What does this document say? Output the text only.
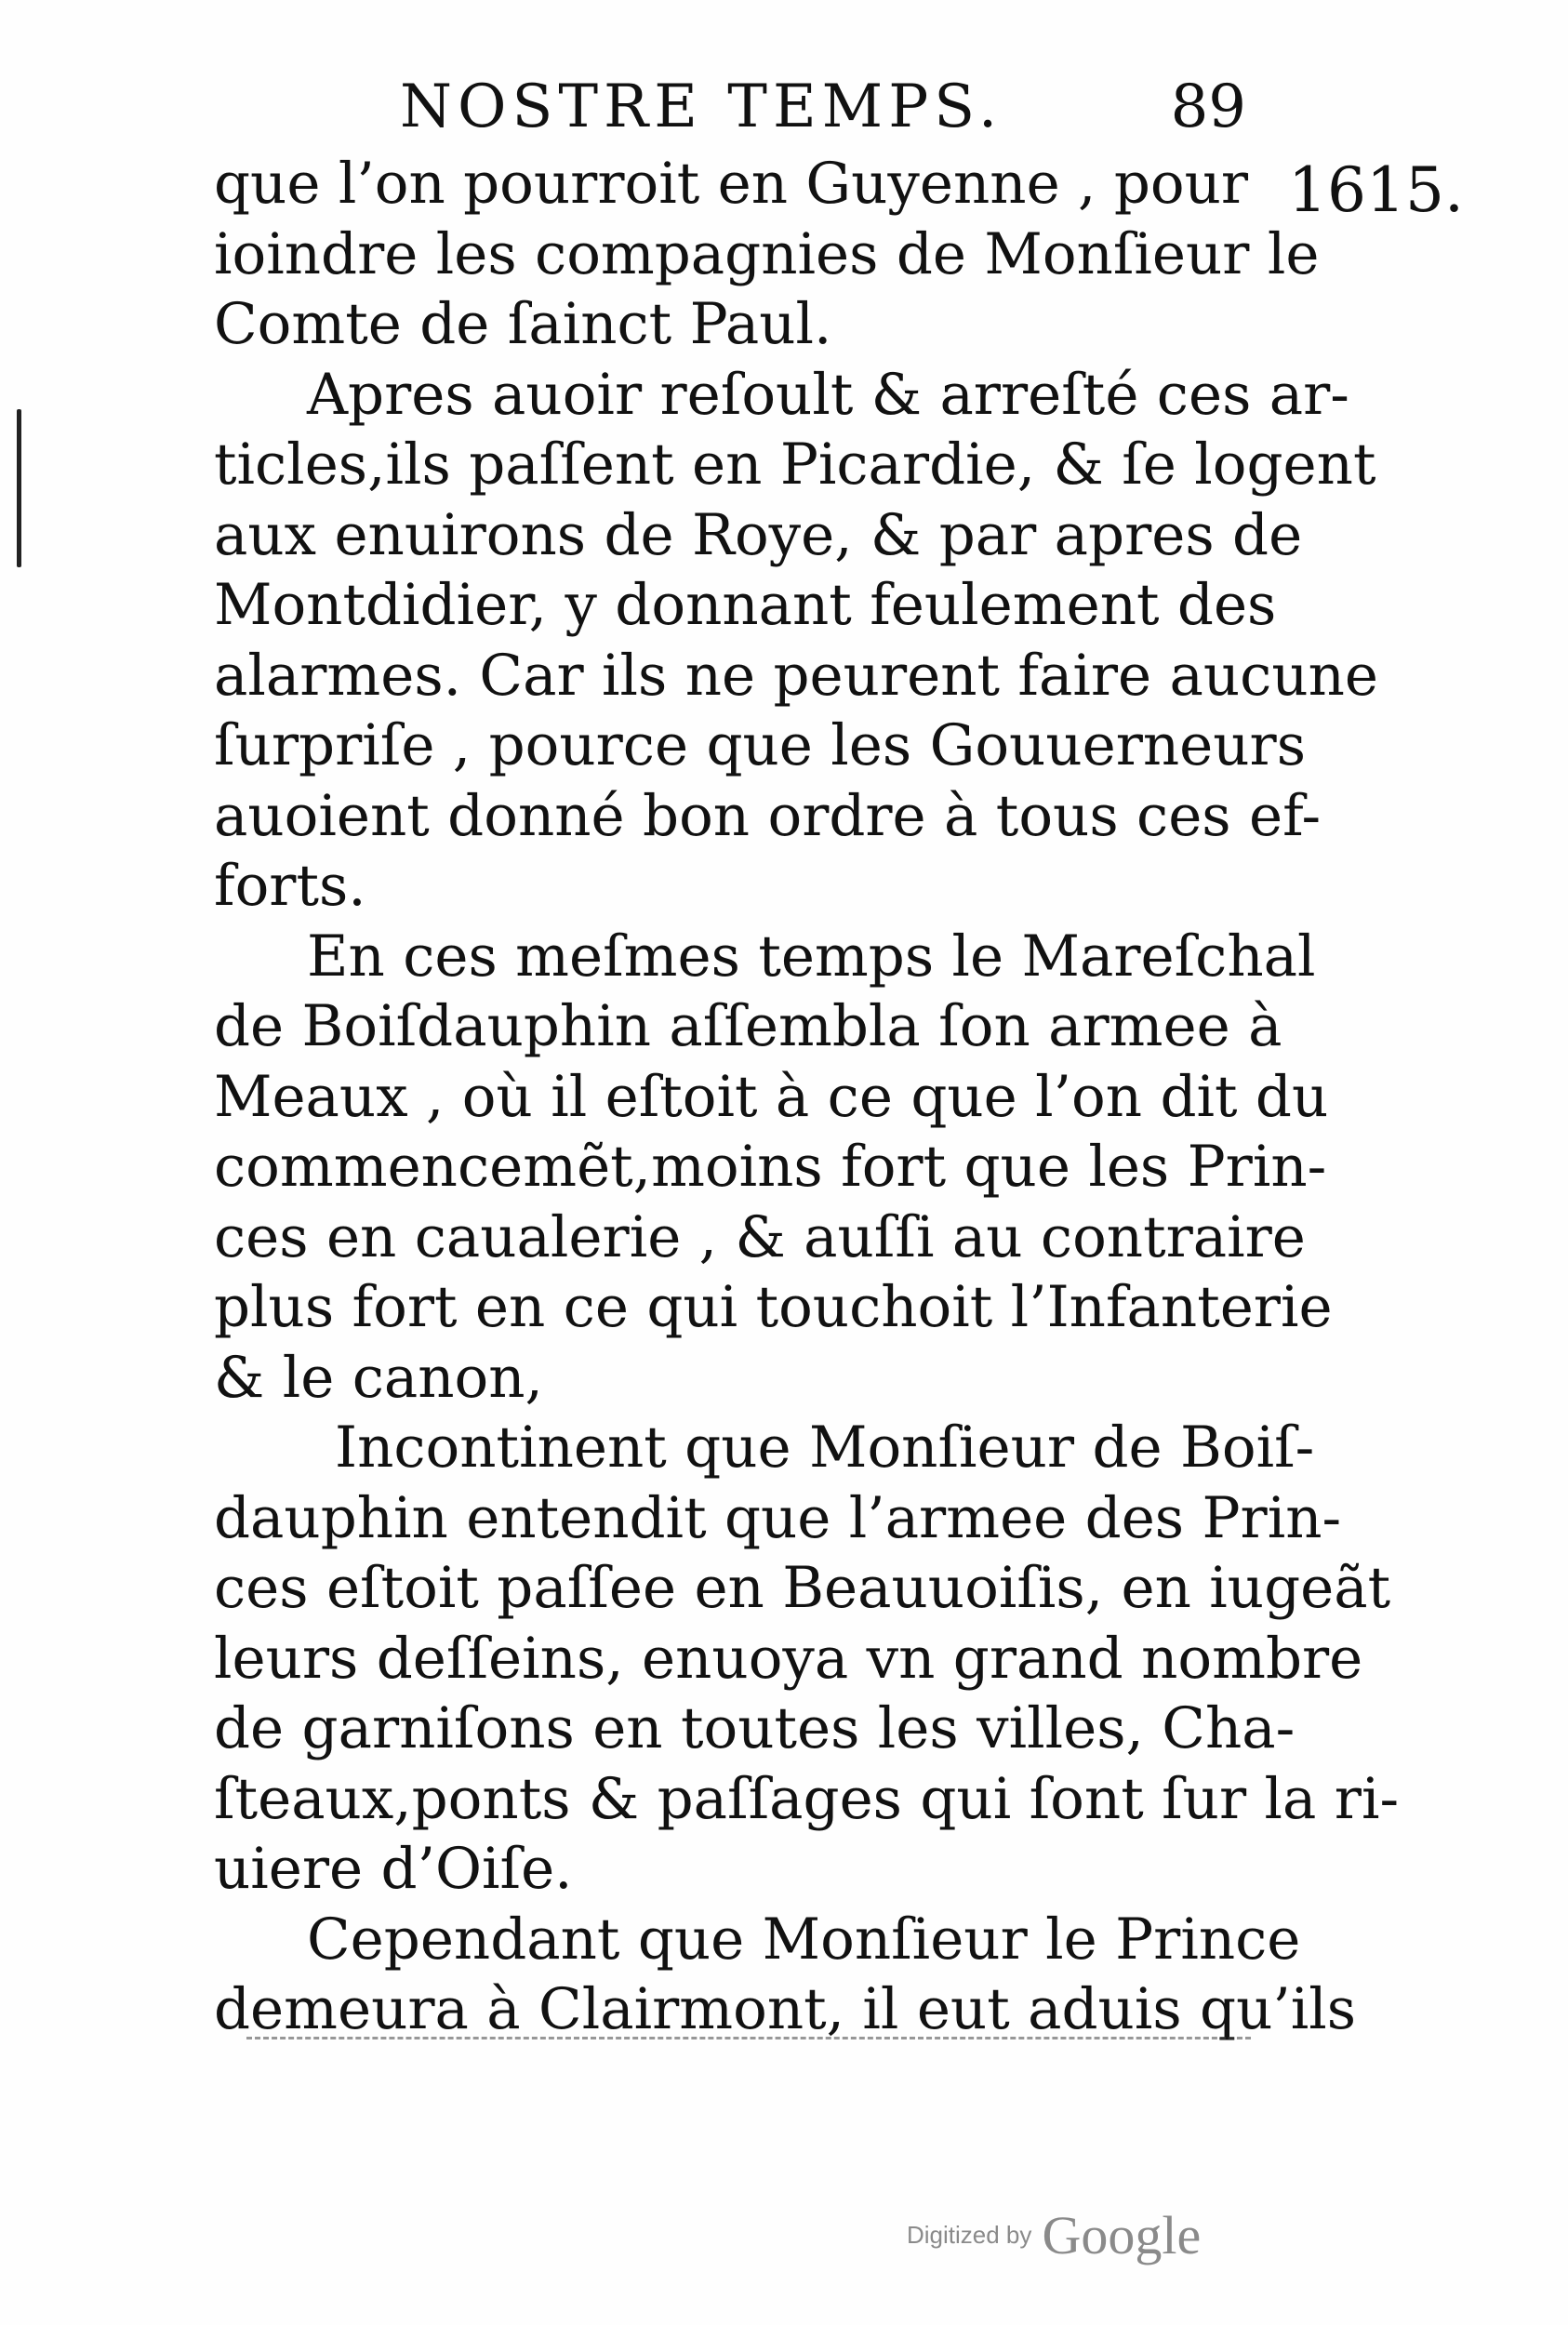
NOSTRE TEMPS.	89
1615.
que l’on pourroit en Guyenne , pour
ioindre les compagnies de Monſieur le
Comte de ſainct Paul.
Apres auoir reſoult & arreſté ces ar-
ticles,ils paſſent en Picardie, & ſe logent
aux enuirons de Roye, & par apres de
Montdidier, y donnant feulement des
alarmes. Car ils ne peurent faire aucune
ſurpriſe , pource que les Gouuerneurs
auoient donné bon ordre à tous ces ef-
forts.
En ces meſmes temps le Mareſchal
de Boiſdauphin aſſembla ſon armee à
Meaux , où il eſtoit à ce que l’on dit du
commencemẽt,moins fort que les Prin-
ces en caualerie , & auſſi au contraire
plus fort en ce qui touchoit l’Infanterie
& le canon,
Incontinent que Monſieur de Boiſ-
dauphin entendit que l’armee des Prin-
ces eſtoit paſſee en Beauuoiſis, en iugeãt
leurs deſſeins, enuoya vn grand nombre
de garniſons en toutes les villes, Cha-
ſteaux,ponts & paſſages qui ſont ſur la ri-
uiere d’Oiſe.
Cependant que Monſieur le Prince
demeura à Clairmont, il eut aduis qu’ils
Digitized by Google
